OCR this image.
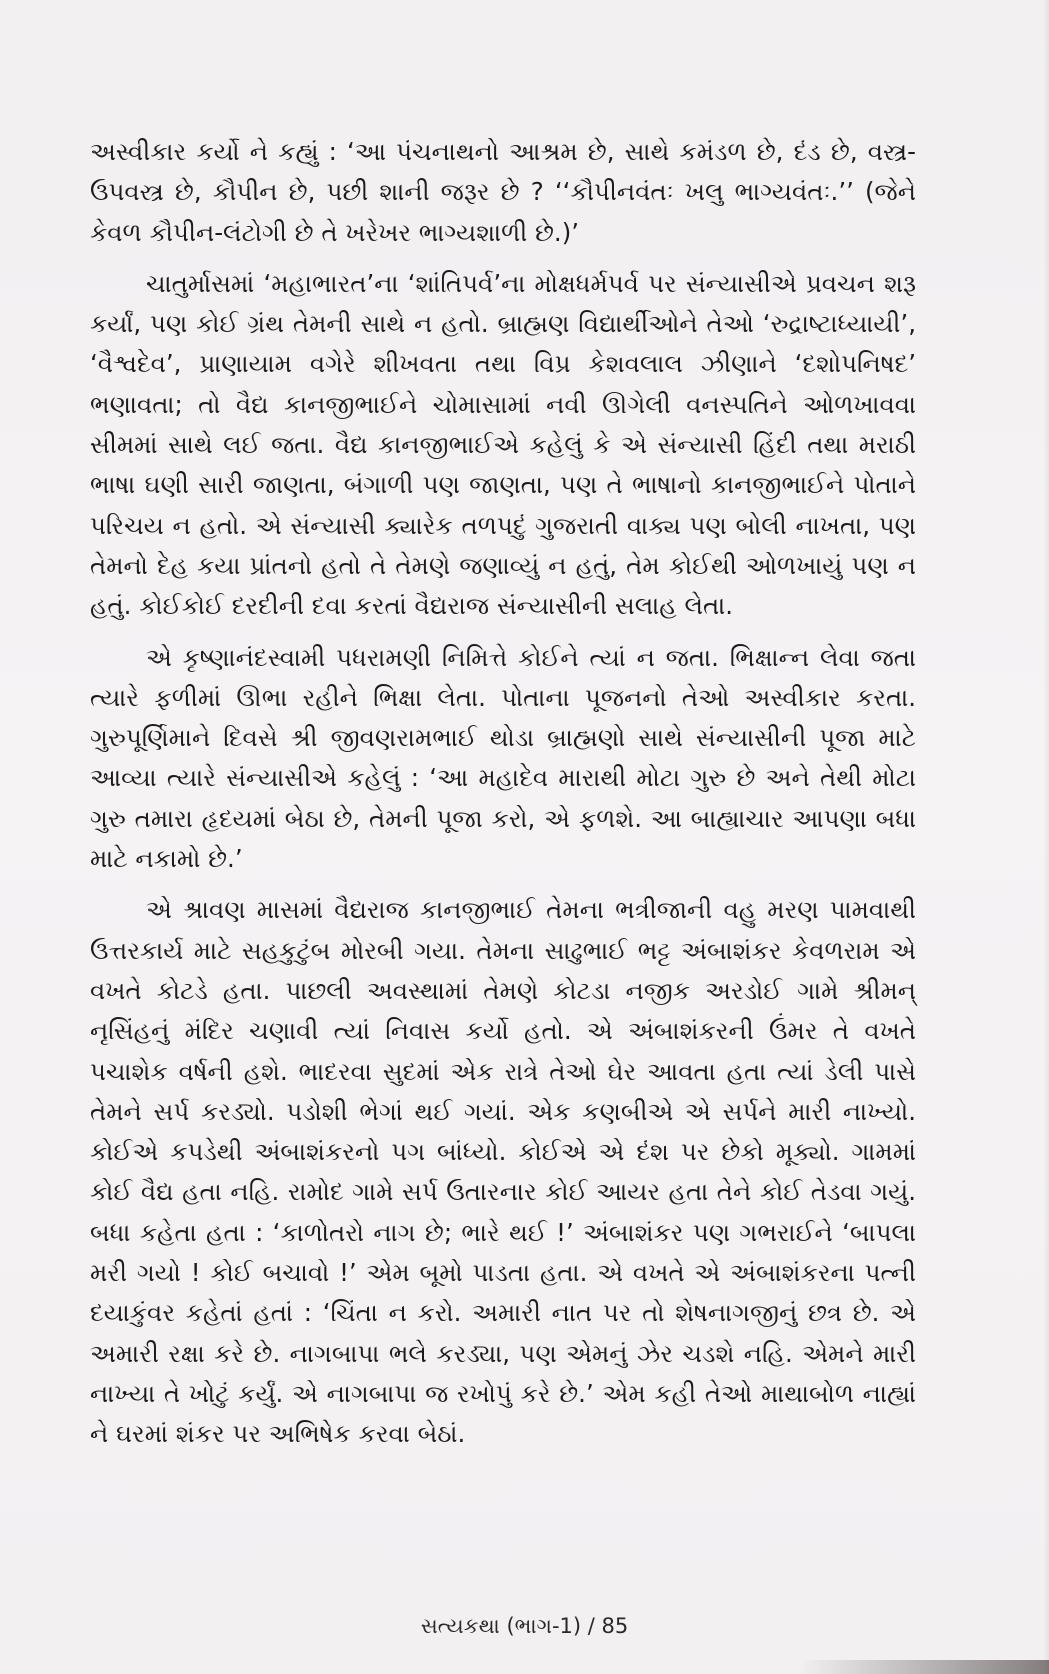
અસ્વીકાર કર્યો ને કહ્યું : ‘આ પંચનાથનો આશ્રમ છે, સાથે કમંડળ છે, દંડ છે, વસ્ત્ર-ઉપવસ્ત્ર છે, કૌપીન છે, પછી શાની જરૂર છે ? ‘‘કૌપીનવંતઃ ખલુ ભાગ્યવંતઃ.’’ (જેને કેવળ કૌપીન-લંટોગી છે તે ખરેખર ભાગ્યશાળી છે.)’

ચાતુર્માસમાં ‘મહાભારત’ના ‘શાંતિપર્વ’ના મોક્ષધર્મપર્વ પર સંન્યાસીએ પ્રવચન શરૂ કર્યાં, પણ કોઈ ગ્રંથ તેમની સાથે ન હતો. બ્રાહ્મણ વિદ્યાર્થીઓને તેઓ ‘રુદ્રાષ્ટાધ્યાયી’, ‘વૈશ્વદેવ’, પ્રાણાયામ વગેરે શીખવતા તથા વિપ્ર કેશવલાલ ઝીણાને ‘દશોપનિષદ’ ભણાવતા; તો વૈદ્ય કાનજીભાઈને ચોમાસામાં નવી ઊગેલી વનસ્પતિને ઓળખાવવા સીમમાં સાથે લઈ જતા. વૈદ્ય કાનજીભાઈએ કહેલું કે એ સંન્યાસી હિંદી તથા મરાઠી ભાષા ઘણી સારી જાણતા, બંગાળી પણ જાણતા, પણ તે ભાષાનો કાનજીભાઈને પોતાને પરિચય ન હતો. એ સંન્યાસી ક્યારેક તળપદું ગુજરાતી વાક્ય પણ બોલી નાખતા, પણ તેમનો દેહ કયા પ્રાંતનો હતો તે તેમણે જણાવ્યું ન હતું, તેમ કોઈથી ઓળખાયું પણ ન હતું. કોઈકોઈ દરદીની દવા કરતાં વૈદ્યરાજ સંન્યાસીની સલાહ લેતા.

એ કૃષ્ણાનંદસ્વામી પધરામણી નિમિત્તે કોઈને ત્યાં ન જતા. ભિક્ષાન્ન લેવા જતા ત્યારે ફળીમાં ઊભા રહીને ભિક્ષા લેતા. પોતાના પૂજનનો તેઓ અસ્વીકાર કરતા. ગુરુપૂર્ણિમાને દિવસે શ્રી જીવણરામભાઈ થોડા બ્રાહ્મણો સાથે સંન્યાસીની પૂજા માટે આવ્યા ત્યારે સંન્યાસીએ કહેલું : ‘આ મહાદેવ મારાથી મોટા ગુરુ છે અને તેથી મોટા ગુરુ તમારા હૃદયમાં બેઠા છે, તેમની પૂજા કરો, એ ફળશે. આ બાહ્યાચાર આપણા બધા માટે નકામો છે.’

એ શ્રાવણ માસમાં વૈદ્યરાજ કાનજીભાઈ તેમના ભત્રીજાની વહુ મરણ પામવાથી ઉત્તરકાર્ય માટે સહકુટુંબ મોરબી ગયા. તેમના સાઢુભાઈ ભટ્ટ અંબાશંકર કેવળરામ એ વખતે કોટડે હતા. પાછલી અવસ્થામાં તેમણે કોટડા નજીક અરડોઈ ગામે શ્રીમન્ નૃસિંહનું મંદિર ચણાવી ત્યાં નિવાસ કર્યો હતો. એ અંબાશંકરની ઉંમર તે વખતે પચાશેક વર્ષની હશે. ભાદરવા સુદમાં એક રાત્રે તેઓ ઘેર આવતા હતા ત્યાં ડેલી પાસે તેમને સર્પ કરડ્યો. પડોશી ભેગાં થઈ ગયાં. એક કણબીએ એ સર્પને મારી નાખ્યો. કોઈએ કપડેથી અંબાશંકરનો પગ બાંધ્યો. કોઈએ એ દંશ પર છેકો મૂક્યો. ગામમાં કોઈ વૈદ્ય હતા નહિ. રામોદ ગામે સર્પ ઉતારનાર કોઈ આયર હતા તેને કોઈ તેડવા ગયું. બધા કહેતા હતા : ‘કાળોતરો નાગ છે; ભારે થઈ !’ અંબાશંકર પણ ગભરાઈને ‘બાપલા મરી ગયો ! કોઈ બચાવો !’ એમ બૂમો પાડતા હતા. એ વખતે એ અંબાશંકરના પત્ની દયાકુંવર કહેતાં હતાં : ‘ચિંતા ન કરો. અમારી નાત પર તો શેષનાગજીનું છત્ર છે. એ અમારી રક્ષા કરે છે. નાગબાપા ભલે કરડ્યા, પણ એમનું ઝેર ચડશે નહિ. એમને મારી નાખ્યા તે ખોટું કર્યું. એ નાગબાપા જ રખોપું કરે છે.’ એમ કહી તેઓ માથાબોળ નાહ્યાં ને ઘરમાં શંકર પર અભિષેક કરવા બેઠાં.

સત્યકથા (ભાગ-1) / 85
